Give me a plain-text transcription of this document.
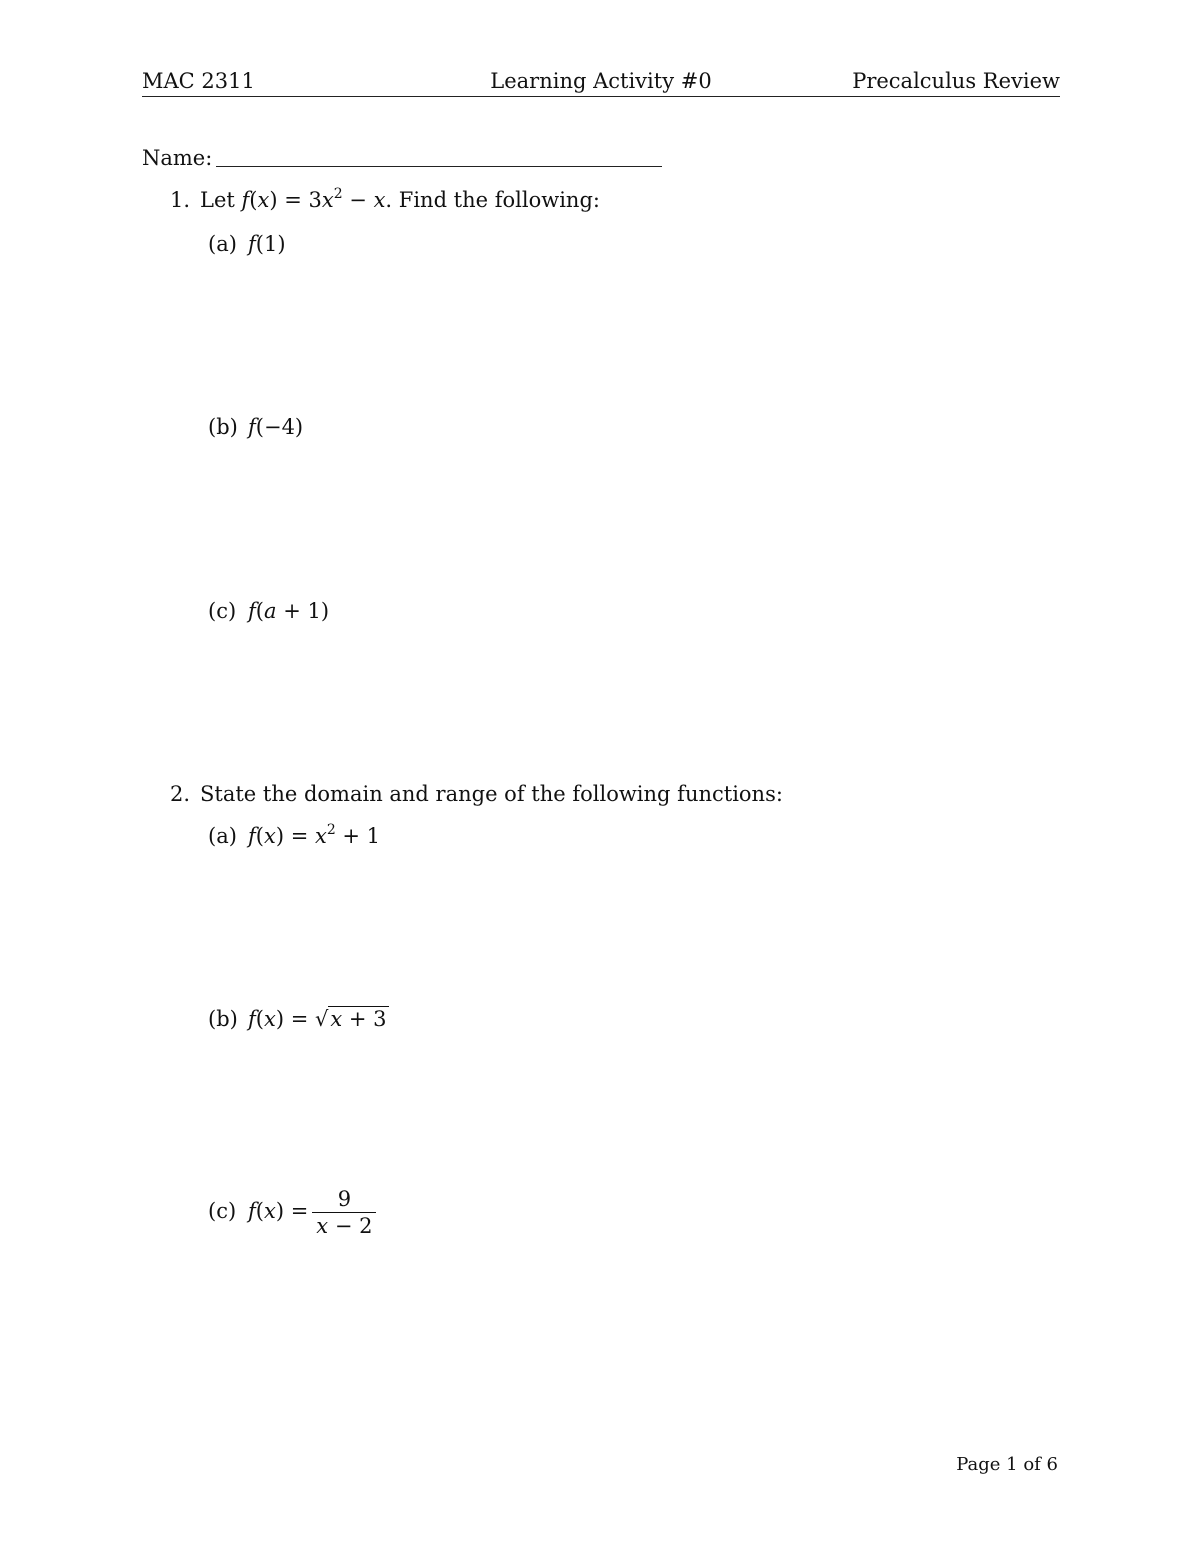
MAC 2311	Learning Activity #0	Precalculus Review
Name:
1. Let $f(x) = 3x^2 - x$. Find the following:
(a) f(1)
(b) f(−4)
(c) f(a + 1)
2. State the domain and range of the following functions:
(a) $f(x) = x^2 + 1$
(b) f(x) = √x + 3
(c) $f(x) = \frac{9}{x - 2}$
Page 1 of 6
